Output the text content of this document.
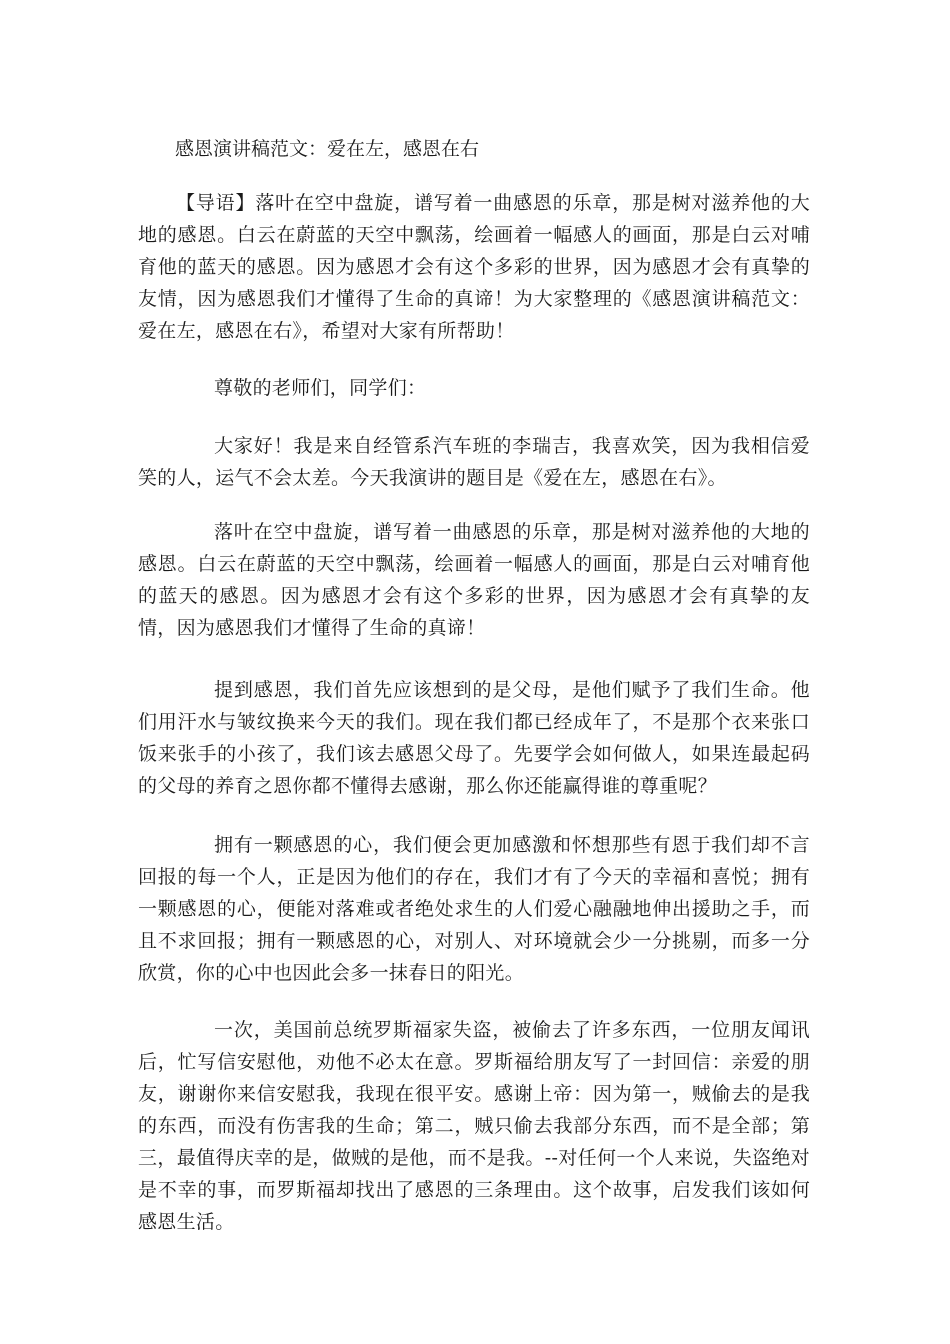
感恩演讲稿范文：爱在左，感恩在右

【导语】落叶在空中盘旋，谱写着一曲感恩的乐章，那是树对滋养他的大地的感恩。白云在蔚蓝的天空中飘荡，绘画着一幅感人的画面，那是白云对哺育他的蓝天的感恩。因为感恩才会有这个多彩的世界，因为感恩才会有真挚的友情，因为感恩我们才懂得了生命的真谛！为大家整理的《感恩演讲稿范文：爱在左，感恩在右》，希望对大家有所帮助！

尊敬的老师们，同学们：

大家好！我是来自经管系汽车班的李瑞吉，我喜欢笑，因为我相信爱笑的人，运气不会太差。今天我演讲的题目是《爱在左，感恩在右》。

落叶在空中盘旋，谱写着一曲感恩的乐章，那是树对滋养他的大地的感恩。白云在蔚蓝的天空中飘荡，绘画着一幅感人的画面，那是白云对哺育他的蓝天的感恩。因为感恩才会有这个多彩的世界，因为感恩才会有真挚的友情，因为感恩我们才懂得了生命的真谛！

提到感恩，我们首先应该想到的是父母，是他们赋予了我们生命。他们用汗水与皱纹换来今天的我们。现在我们都已经成年了，不是那个衣来张口饭来张手的小孩了，我们该去感恩父母了。先要学会如何做人，如果连最起码的父母的养育之恩你都不懂得去感谢，那么你还能赢得谁的尊重呢？

拥有一颗感恩的心，我们便会更加感激和怀想那些有恩于我们却不言回报的每一个人，正是因为他们的存在，我们才有了今天的幸福和喜悦；拥有一颗感恩的心，便能对落难或者绝处求生的人们爱心融融地伸出援助之手，而且不求回报；拥有一颗感恩的心，对别人、对环境就会少一分挑剔，而多一分欣赏，你的心中也因此会多一抹春日的阳光。

一次，美国前总统罗斯福家失盗，被偷去了许多东西，一位朋友闻讯后，忙写信安慰他，劝他不必太在意。罗斯福给朋友写了一封回信：亲爱的朋友，谢谢你来信安慰我，我现在很平安。感谢上帝：因为第一，贼偷去的是我的东西，而没有伤害我的生命；第二，贼只偷去我部分东西，而不是全部；第三，最值得庆幸的是，做贼的是他，而不是我。--对任何一个人来说，失盗绝对是不幸的事，而罗斯福却找出了感恩的三条理由。这个故事，启发我们该如何感恩生活。
